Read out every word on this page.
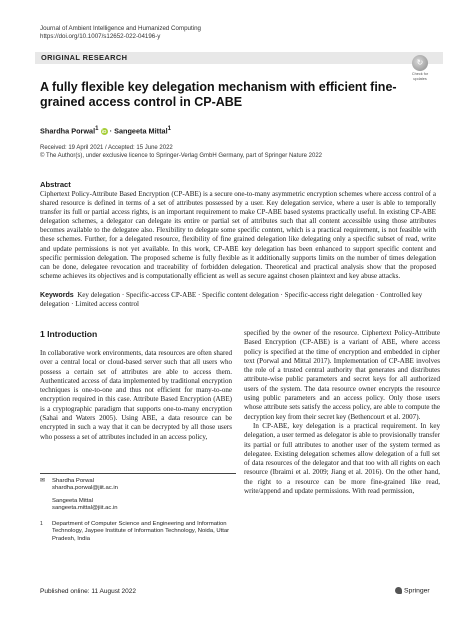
Journal of Ambient Intelligence and Humanized Computing
https://doi.org/10.1007/s12652-022-04196-y
ORIGINAL RESEARCH
↻
Check for
updates
A fully flexible key delegation mechanism with efficient fine-grained access control in CP-ABE
Shardha Porwal$^1$ iD · Sangeeta Mittal$^1$
Received: 19 April 2021 / Accepted: 15 June 2022
© The Author(s), under exclusive licence to Springer-Verlag GmbH Germany, part of Springer Nature 2022
Abstract

Ciphertext Policy-Attribute Based Encryption (CP-ABE) is a secure one-to-many asymmetric encryption schemes where access control of a shared resource is defined in terms of a set of attributes possessed by a user. Key delegation service, where a user is able to temporally transfer its full or partial access rights, is an important requirement to make CP-ABE based systems practically useful. In existing CP-ABE delegation schemes, a delegator can delegate its entire or partial set of attributes such that all content accessible using those attributes becomes available to the delegatee also. Flexibility to delegate some specific content, which is a practical requirement, is not feasible with these schemes. Further, for a delegated resource, flexibility of fine grained delegation like delegating only a specific subset of read, write and update permissions is not yet available. In this work, CP-ABE key delegation has been enhanced to support specific content and specific permission delegation. The proposed scheme is fully flexible as it additionally supports limits on the number of times delegation can be done, delegatee revocation and traceability of forbidden delegation. Theoretical and practical analysis show that the proposed scheme achieves its objectives and is computationally efficient as well as secure against chosen plaintext and key abuse attacks.

Keywords Key delegation · Specific-access CP-ABE · Specific content delegation · Specific-access right delegation · Controlled key delegation · Limited access control

1 Introduction

In collaborative work environments, data resources are often shared over a central local or cloud-based server such that all users who possess a certain set of attributes are able to access them. Authenticated access of data implemented by traditional encryption techniques is one-to-one and thus not efficient for many-to-one encryption required in this case. Attribute Based Encryption (ABE) is a cryptographic paradigm that supports one-to-many encryption (Sahai and Waters 2005). Using ABE, a data resource can be encrypted in such a way that it can be decrypted by all those users who possess a set of attributes included in an access policy,

specified by the owner of the resource. Ciphertext Policy-Attribute Based Encryption (CP-ABE) is a variant of ABE, where access policy is specified at the time of encryption and embedded in cipher text (Porwal and Mittal 2017). Implementation of CP-ABE involves the role of a trusted central authority that generates and distributes attribute-wise public parameters and secret keys for all authorized users of the system. The data resource owner encrypts the resource using public parameters and an access policy. Only those users whose attribute sets satisfy the access policy, are able to compute the decryption key from their secret key (Bethencourt et al. 2007).

In CP-ABE, key delegation is a practical requirement. In key delegation, a user termed as delegator is able to provisionally transfer its partial or full attributes to another user of the system termed as delegatee. Existing delegation schemes allow delegation of a full set of data resources of the delegator and that too with all rights on each resource (Ibraimi et al. 2009; Jiang et al. 2016). On the other hand, the right to a resource can be more fine-grained like read, write/append and update permissions. With read permission,

✉ Shardha Porwal
shardha.porwal@jiit.ac.in
Sangeeta Mittal
sangeeta.mittal@jiit.ac.in
1 Department of Computer Science and Engineering and Information Technology, Jaypee Institute of Information Technology, Noida, Uttar Pradesh, India
Published online: 11 August 2022	Springer
